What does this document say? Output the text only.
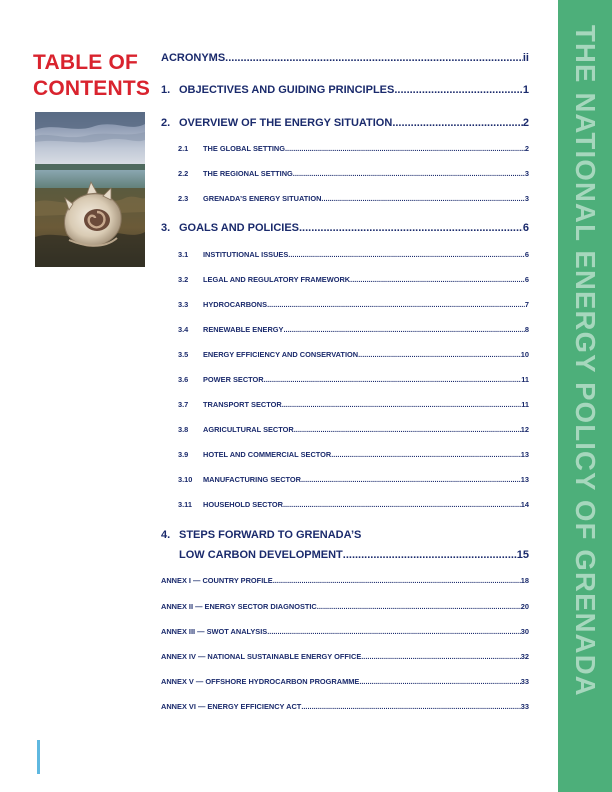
THE NATIONAL ENERGY POLICY OF GRENADA
TABLE OF CONTENTS
ACRONYMS .....	ii
1. OBJECTIVES AND GUIDING PRINCIPLES .....	1
2. OVERVIEW OF THE ENERGY SITUATION .....	2
2.1 THE GLOBAL SETTING .....	2
2.2 THE REGIONAL SETTING .....	3
2.3 GRENADA’S ENERGY SITUATION .....	3
3. GOALS AND POLICIES .....	6
3.1 INSTITUTIONAL ISSUES .....	6
3.2 LEGAL AND REGULATORY FRAMEWORK .....	6
3.3 HYDROCARBONS .....	7
3.4 RENEWABLE ENERGY .....	8
3.5 ENERGY EFFICIENCY AND CONSERVATION .....	10
3.6 POWER SECTOR .....	11
3.7 TRANSPORT SECTOR .....	11
3.8 AGRICULTURAL SECTOR .....	12
3.9 HOTEL AND COMMERCIAL SECTOR .....	13
3.10 MANUFACTURING SECTOR .....	13
3.11 HOUSEHOLD SECTOR .....	14
4. STEPS FORWARD TO GRENADA’S
LOW CARBON DEVELOPMENT .....	15
ANNEX I — COUNTRY PROFILE .....	18
ANNEX II — ENERGY SECTOR DIAGNOSTIC .....	20
ANNEX III — SWOT ANALYSIS .....	30
ANNEX IV — NATIONAL SUSTAINABLE ENERGY OFFICE .....	32
ANNEX V — OFFSHORE HYDROCARBON PROGRAMME .....	33
ANNEX VI — ENERGY EFFICIENCY ACT .....	33
